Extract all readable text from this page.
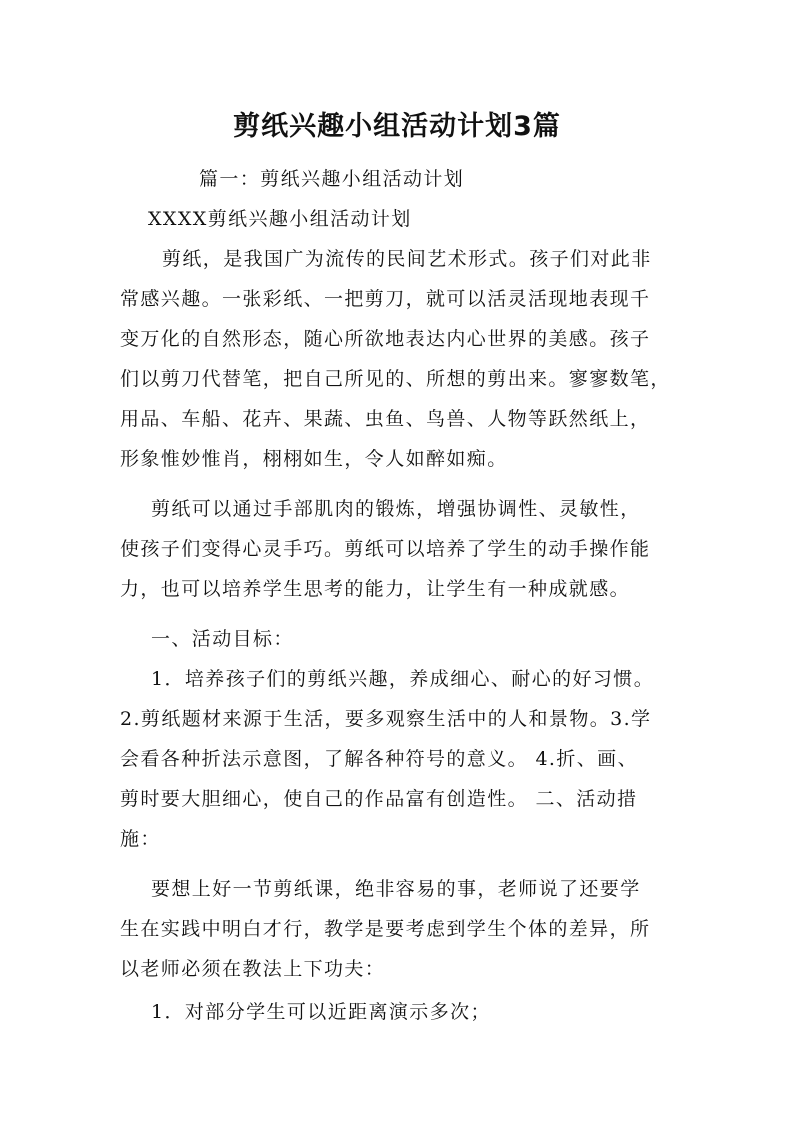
剪纸兴趣小组活动计划3篇

篇一：剪纸兴趣小组活动计划

XXXX剪纸兴趣小组活动计划

剪纸，是我国广为流传的民间艺术形式。孩子们对此非

常感兴趣。一张彩纸、一把剪刀，就可以活灵活现地表现千

变万化的自然形态，随心所欲地表达内心世界的美感。孩子

们以剪刀代替笔，把自己所见的、所想的剪出来。寥寥数笔，

用品、车船、花卉、果蔬、虫鱼、鸟兽、人物等跃然纸上，

形象惟妙惟肖，栩栩如生，令人如醉如痴。

剪纸可以通过手部肌肉的锻炼，增强协调性、灵敏性，

使孩子们变得心灵手巧。剪纸可以培养了学生的动手操作能

力，也可以培养学生思考的能力，让学生有一种成就感。

一、活动目标：

1．培养孩子们的剪纸兴趣，养成细心、耐心的好习惯。

2.剪纸题材来源于生活，要多观察生活中的人和景物。3.学

会看各种折法示意图，了解各种符号的意义。 4.折、画、

剪时要大胆细心，使自己的作品富有创造性。 二、活动措

施：

要想上好一节剪纸课，绝非容易的事，老师说了还要学

生在实践中明白才行，教学是要考虑到学生个体的差异，所

以老师必须在教法上下功夫：

1．对部分学生可以近距离演示多次；
